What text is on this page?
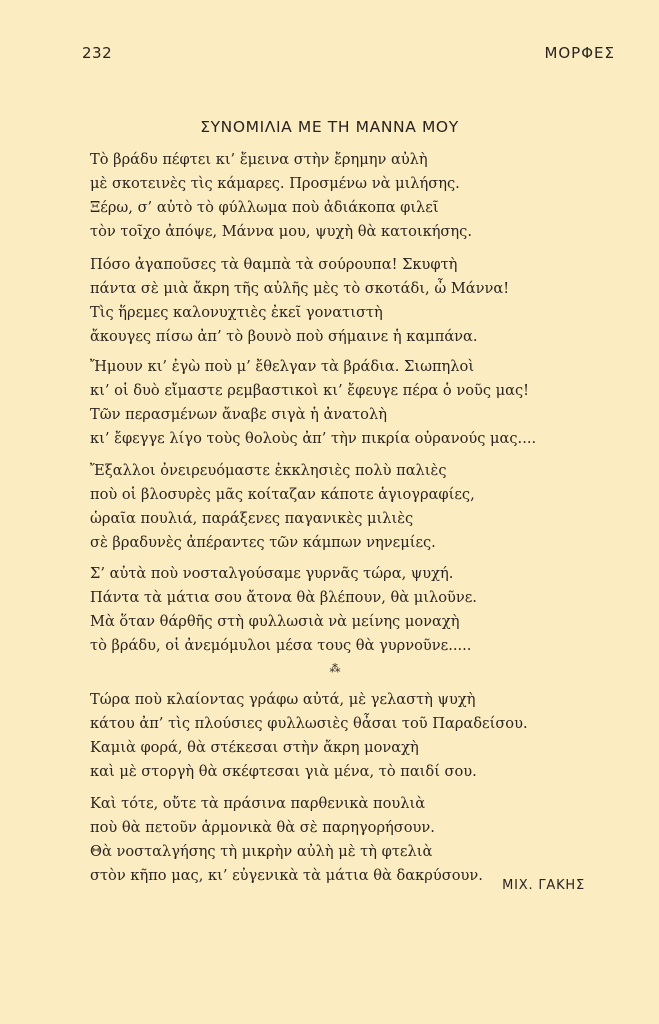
232	ΜΟΡΦΕΣ
ΣΥΝΟΜΙΛΙΑ ΜΕ ΤΗ ΜΑΝΝΑ ΜΟΥ
Τὸ βράδυ πέφτει κι’ ἔμεινα στὴν ἔρημην αὐλὴ
μὲ σκοτεινὲς τὶς κάμαρες. Προσμένω νὰ μιλήσης.
Ξέρω, σ’ αὐτὸ τὸ φύλλωμα ποὺ ἀδιάκοπα φιλεῖ
τὸν τοῖχο ἀπόψε, Μάννα μου, ψυχὴ θὰ κατοικήσης.
Πόσο ἀγαποῦσες τὰ θαμπὰ τὰ σούρουπα! Σκυφτὴ
πάντα σὲ μιὰ ἄκρη τῆς αὐλῆς μὲς τὸ σκοτάδι, ὦ Μάννα!
Τὶς ἥρεμες καλονυχτιὲς ἐκεῖ γονατιστὴ
ἄκουγες πίσω ἀπ’ τὸ βουνὸ ποὺ σήμαινε ἡ καμπάνα.
Ἤμουν κι’ ἐγὼ ποὺ μ’ ἔθελγαν τὰ βράδια. Σιωπηλοὶ
κι’ οἱ δυὸ εἴμαστε ρεμβαστικοὶ κι’ ἔφευγε πέρα ὁ νοῦς μας!
Τῶν περασμένων ἄναβε σιγὰ ἡ ἀνατολὴ
κι’ ἔφεγγε λίγο τοὺς θολοὺς ἀπ’ τὴν πικρία οὐρανούς μας....
Ἔξαλλοι ὀνειρευόμαστε ἐκκλησιὲς πολὺ παλιὲς
ποὺ οἱ βλοσυρὲς μᾶς κοίταζαν κάποτε ἁγιογραφίες,
ὡραῖα πουλιά, παράξενες παγανικὲς μιλιὲς
σὲ βραδυνὲς ἀπέραντες τῶν κάμπων νηνεμίες.
Σ’ αὐτὰ ποὺ νοσταλγούσαμε γυρνᾶς τώρα, ψυχή.
Πάντα τὰ μάτια σου ἄτονα θὰ βλέπουν, θὰ μιλοῦνε.
Μὰ ὅταν θάρθῆς στὴ φυλλωσιὰ νὰ μείνης μοναχὴ
τὸ βράδυ, οἱ ἀνεμόμυλοι μέσα τους θὰ γυρνοῦνε.....
Τώρα ποὺ κλαίοντας γράφω αὐτά, μὲ γελαστὴ ψυχὴ
κάτου ἀπ’ τὶς πλούσιες φυλλωσιὲς θἆσαι τοῦ Παραδείσου.
Καμιὰ φορά, θὰ στέκεσαι στὴν ἄκρη μοναχὴ
καὶ μὲ στοργὴ θὰ σκέφτεσαι γιὰ μένα, τὸ παιδί σου.
Καὶ τότε, οὔτε τὰ πράσινα παρθενικὰ πουλιὰ
ποὺ θὰ πετοῦν ἁρμονικὰ θὰ σὲ παρηγορήσουν.
Θὰ νοσταλγήσης τὴ μικρὴν αὐλὴ μὲ τὴ φτελιὰ
στὸν κῆπο μας, κι’ εὐγενικὰ τὰ μάτια θὰ δακρύσουν.
⁂
ΜΙΧ. ΓΑΚΗΣ
